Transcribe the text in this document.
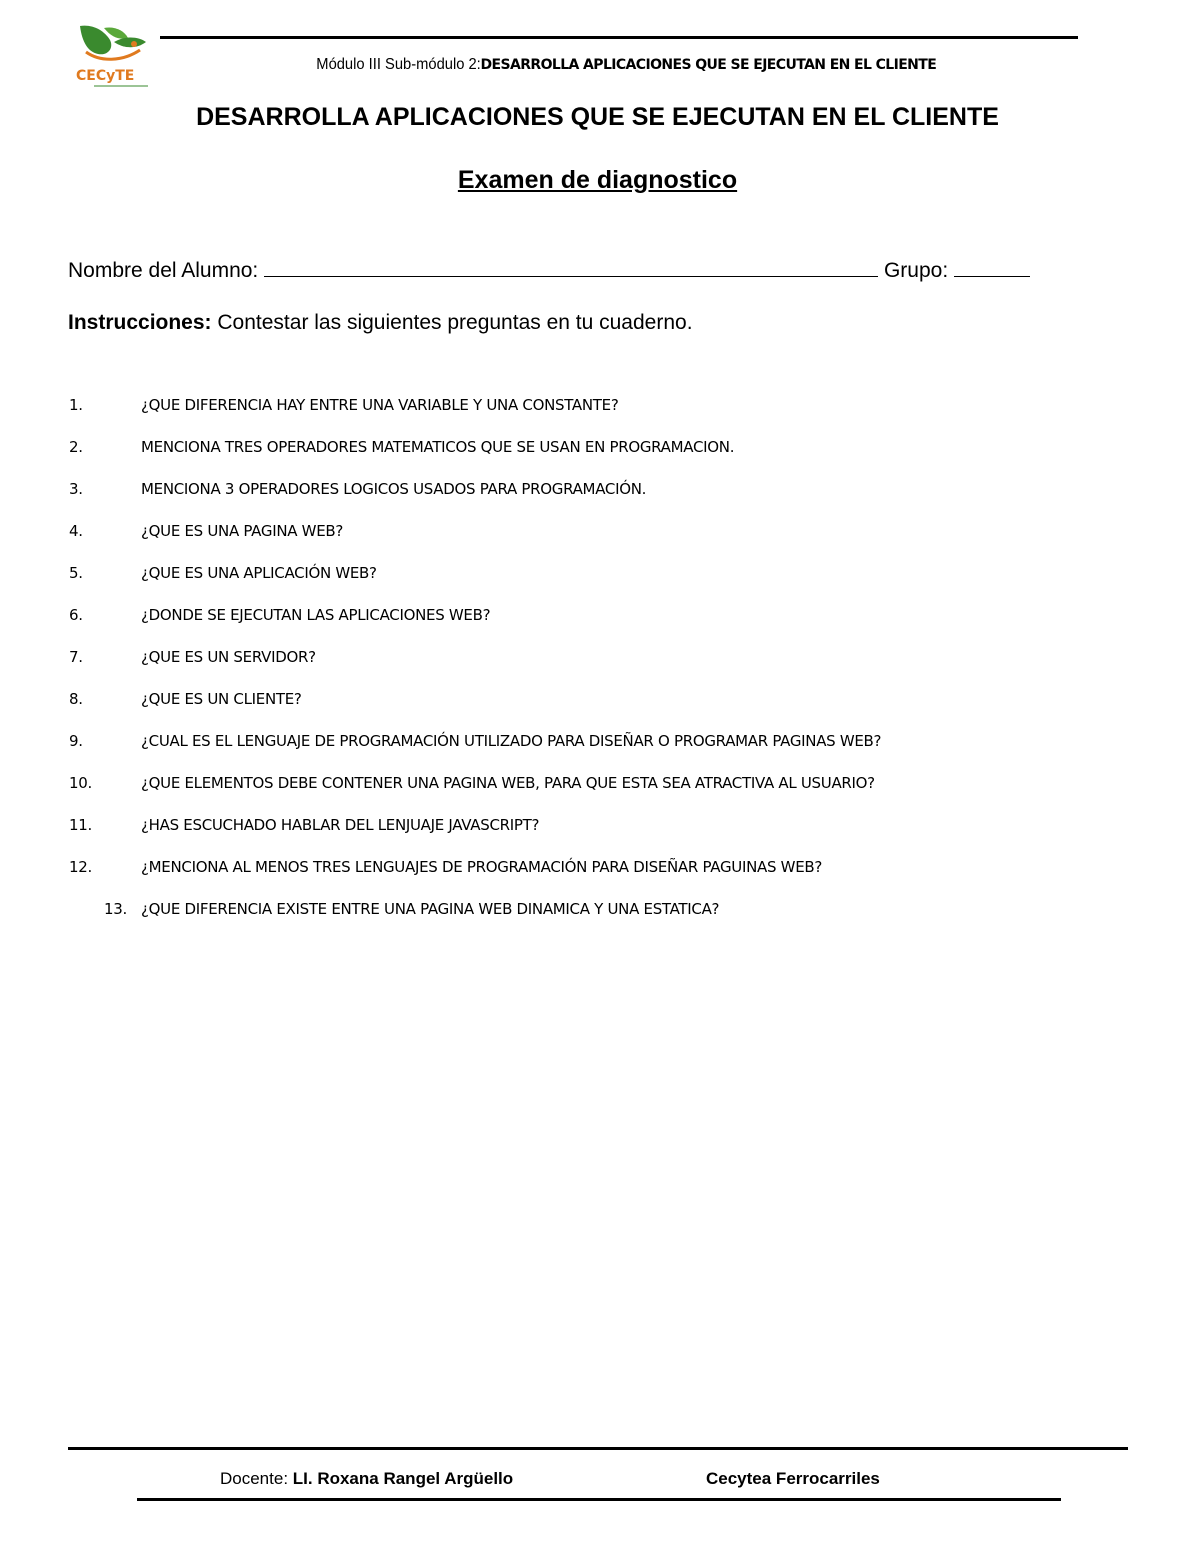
CECyTE
Módulo III Sub-módulo 2:DESARROLLA APLICACIONES QUE SE EJECUTAN EN EL CLIENTE
DESARROLLA APLICACIONES QUE SE EJECUTAN EN EL CLIENTE
Examen de diagnostico
Nombre del Alumno:	Grupo:
Instrucciones: Contestar las siguientes preguntas en tu cuaderno.
1.	¿QUE DIFERENCIA HAY ENTRE UNA VARIABLE Y UNA CONSTANTE?
2.	MENCIONA TRES OPERADORES MATEMATICOS QUE SE USAN EN PROGRAMACION.
3.	MENCIONA 3 OPERADORES LOGICOS USADOS PARA PROGRAMACIÓN.
4.	¿QUE ES UNA PAGINA WEB?
5.	¿QUE ES UNA APLICACIÓN WEB?
6.	¿DONDE SE EJECUTAN LAS APLICACIONES WEB?
7.	¿QUE ES UN SERVIDOR?
8.	¿QUE ES UN CLIENTE?
9.	¿CUAL ES EL LENGUAJE DE PROGRAMACIÓN UTILIZADO PARA DISEÑAR O PROGRAMAR PAGINAS WEB?
10.	¿QUE ELEMENTOS DEBE CONTENER UNA PAGINA WEB, PARA QUE ESTA SEA ATRACTIVA AL USUARIO?
11.	¿HAS ESCUCHADO HABLAR DEL LENJUAJE JAVASCRIPT?
12.	¿MENCIONA AL MENOS TRES LENGUAJES DE PROGRAMACIÓN PARA DISEÑAR PAGUINAS WEB?
13. ¿QUE DIFERENCIA EXISTE ENTRE UNA PAGINA WEB DINAMICA Y UNA ESTATICA?
Docente: LI. Roxana Rangel Argüello	Cecytea Ferrocarriles
